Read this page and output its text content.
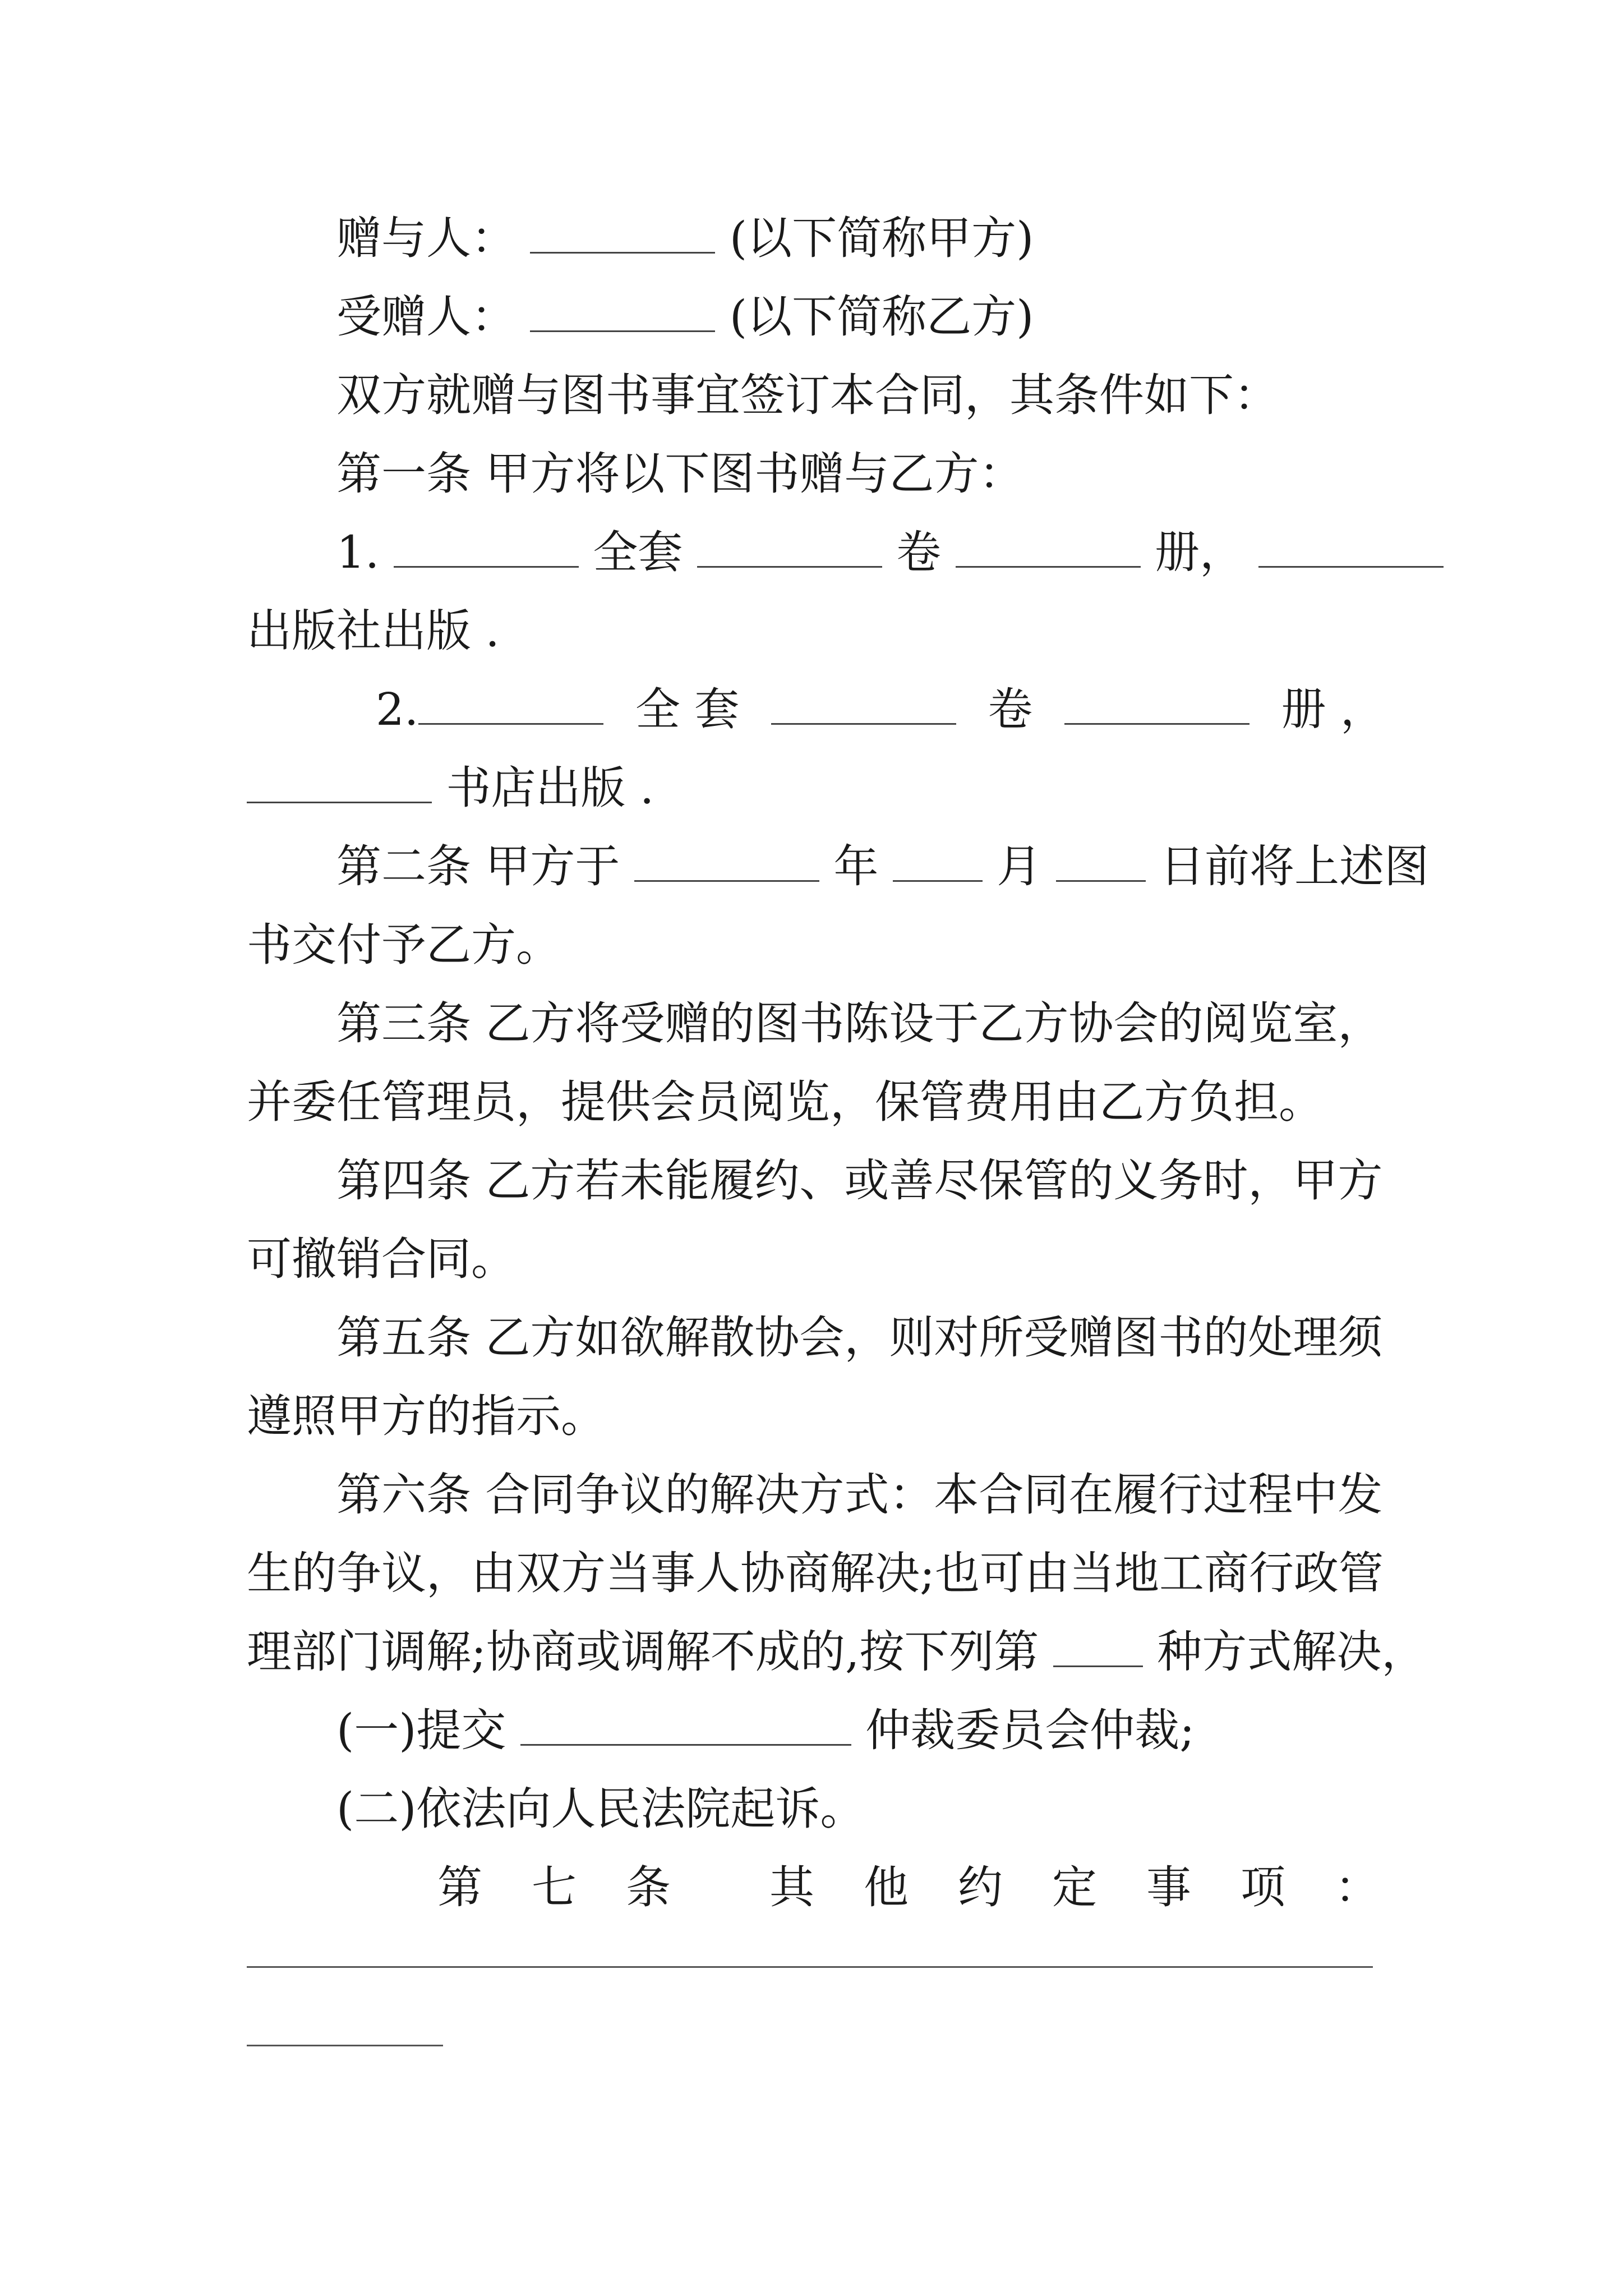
赠与人：	(以下简称甲方)
受赠人：	(以下简称乙方)
双方就赠与图书事宜签订本合同，其条件如下：
第一条 甲方将以下图书赠与乙方：
1.	全套	卷	册，
出版社出版 .
2.	全 套	卷	册 ，
书店出版 .
第二条 甲方于	年	月	日前将上述图
书交付予乙方。
第三条 乙方将受赠的图书陈设于乙方协会的阅览室，
并委任管理员，提供会员阅览，保管费用由乙方负担。
第四条 乙方若未能履约、或善尽保管的义务时，甲方
可撤销合同。
第五条 乙方如欲解散协会，则对所受赠图书的处理须
遵照甲方的指示。
第六条 合同争议的解决方式：本合同在履行过程中发
生的争议，由双方当事人协商解决;也可由当地工商行政管
理部门调解;协商或调解不成的,按下列第	种方式解决，
(一)提交	仲裁委员会仲裁;
(二)依法向人民法院起诉。
第 七 条 其 他 约 定 事 项 ：
